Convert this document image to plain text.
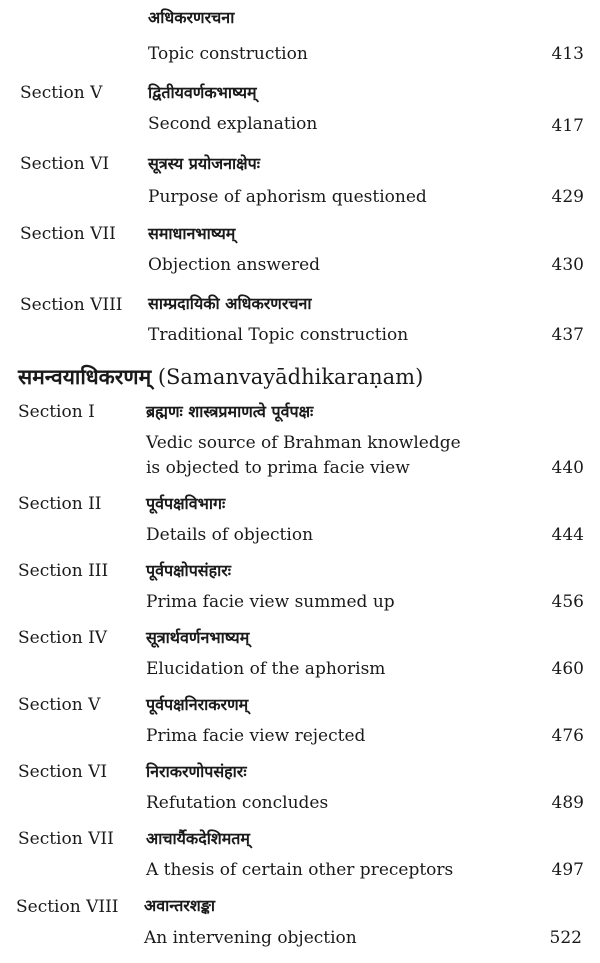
अधिकरणरचना
Topic construction	413
Section V	द्वितीयवर्णकभाष्यम्
Second explanation	417
Section VI सूत्रस्य प्रयोजनाक्षेपः
Purpose of aphorism questioned	429
Section VII समाधानभाष्यम्
Objection answered	430
Section VIII साम्प्रदायिकी अधिकरणरचना
Traditional Topic construction	437
समन्वयाधिकरणम् (Samanvayādhikaraṇam)
Section I	ब्रह्मणः शास्त्रप्रमाणत्वे पूर्वपक्षः
Vedic source of Brahman knowledge
is objected to prima facie view	440
Section II	पूर्वपक्षविभागः
Details of objection	444
Section III पूर्वपक्षोपसंहारः
Prima facie view summed up	456
Section IV सूत्रार्थवर्णनभाष्यम्
Elucidation of the aphorism	460
Section V	पूर्वपक्षनिराकरणम्
Prima facie view rejected	476
Section VI निराकरणोपसंहारः
Refutation concludes	489
Section VII आचार्यैकदेशिमतम्
A thesis of certain other preceptors	497
Section VIII अवान्तरशङ्का
An intervening objection	522
